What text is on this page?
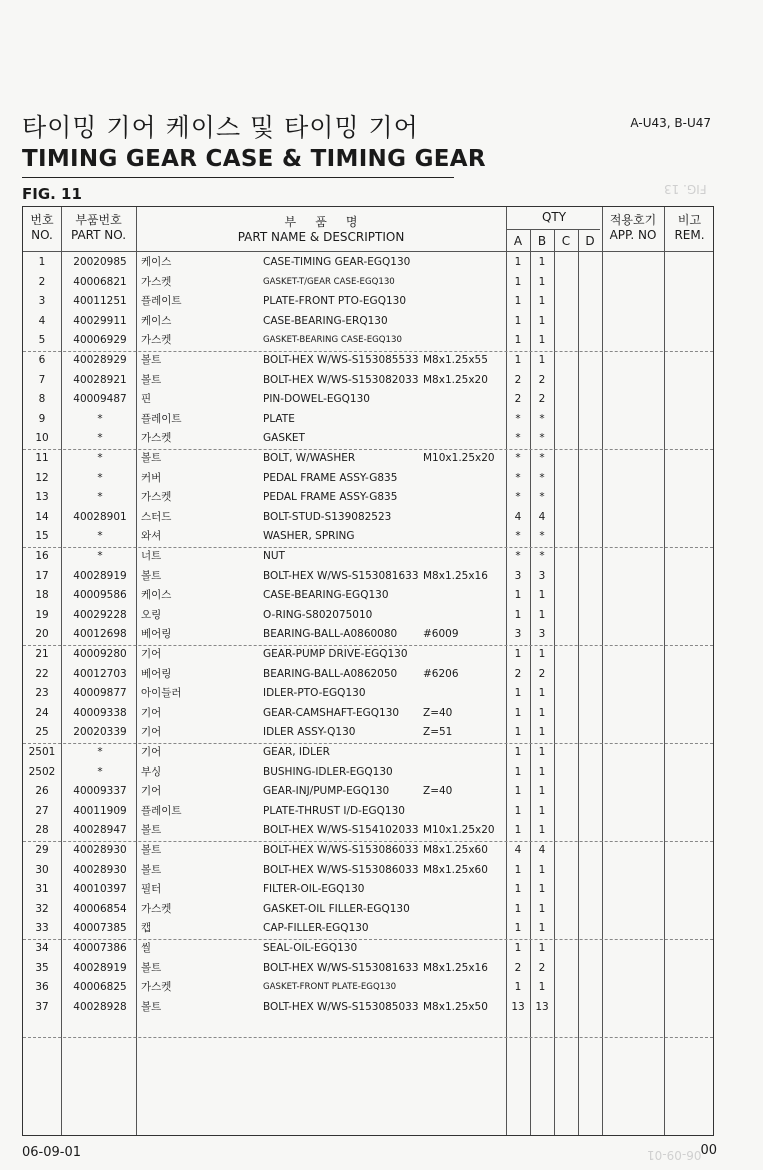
타이밍 기어 케이스 및 타이밍 기어	A-U43, B-U47
TIMING GEAR CASE & TIMING GEAR
FIG. 11	FIG. 13
번호
NO.
부품번호
PART NO.
부     품     명
PART NAME & DESCRIPTION
QTY
A	B	C	D
적용호기
APP. NO
비고
REM.
1	20020985	케이스	CASE-TIMING GEAR-EGQ130	1	1
2	40006821	가스켓	GASKET-T/GEAR CASE-EGQ130	1	1
3	40011251	플레이트	PLATE-FRONT PTO-EGQ130	1	1
4	40029911	케이스	CASE-BEARING-ERQ130	1	1
5	40006929	가스켓	GASKET-BEARING CASE-EGQ130	1	1
6	40028929	볼트	BOLT-HEX W/WS-S153085533 M8x1.25x55	1	1
7	40028921	볼트	BOLT-HEX W/WS-S153082033 M8x1.25x20	2	2
8	40009487	핀	PIN-DOWEL-EGQ130	2	2
9	*	플레이트	PLATE	*	*
10	*	가스켓	GASKET	*	*
11	*	볼트	BOLT, W/WASHER	M10x1.25x20	*	*
12	*	커버	PEDAL FRAME ASSY-G835	*	*
13	*	가스켓	PEDAL FRAME ASSY-G835	*	*
14	40028901	스터드	BOLT-STUD-S139082523	4	4
15	*	와셔	WASHER, SPRING	*	*
16	*	너트	NUT	*	*
17	40028919	볼트	BOLT-HEX W/WS-S153081633 M8x1.25x16	3	3
18	40009586	케이스	CASE-BEARING-EGQ130	1	1
19	40029228	오링	O-RING-S802075010	1	1
20	40012698	베어링	BEARING-BALL-A0860080 #6009	3	3
21	40009280	기어	GEAR-PUMP DRIVE-EGQ130	1	1
22	40012703	베어링	BEARING-BALL-A0862050 #6206	2	2
23	40009877	아이들러	IDLER-PTO-EGQ130	1	1
24	40009338	기어	GEAR-CAMSHAFT-EGQ130 Z=40	1	1
25	20020339	기어	IDLER ASSY-Q130	Z=51	1	1
2501	*	기어	GEAR, IDLER	1	1
2502	*	부싱	BUSHING-IDLER-EGQ130	1	1
26	40009337	기어	GEAR-INJ/PUMP-EGQ130	Z=40	1	1
27	40011909	플레이트	PLATE-THRUST I/D-EGQ130	1	1
28	40028947	볼트	BOLT-HEX W/WS-S154102033 M10x1.25x20	1	1
29	40028930	볼트	BOLT-HEX W/WS-S153086033 M8x1.25x60	4	4
30	40028930	볼트	BOLT-HEX W/WS-S153086033 M8x1.25x60	1	1
31	40010397	필터	FILTER-OIL-EGQ130	1	1
32	40006854	가스켓	GASKET-OIL FILLER-EGQ130	1	1
33	40007385	캡	CAP-FILLER-EGQ130	1	1
34	40007386	씰	SEAL-OIL-EGQ130	1	1
35	40028919	볼트	BOLT-HEX W/WS-S153081633 M8x1.25x16	2	2
36	40006825	가스켓	GASKET-FRONT PLATE-EGQ130	1	1
37	40028928	볼트	BOLT-HEX W/WS-S153085033 M8x1.25x50	13	13
06-09-01	06-09-01 00
